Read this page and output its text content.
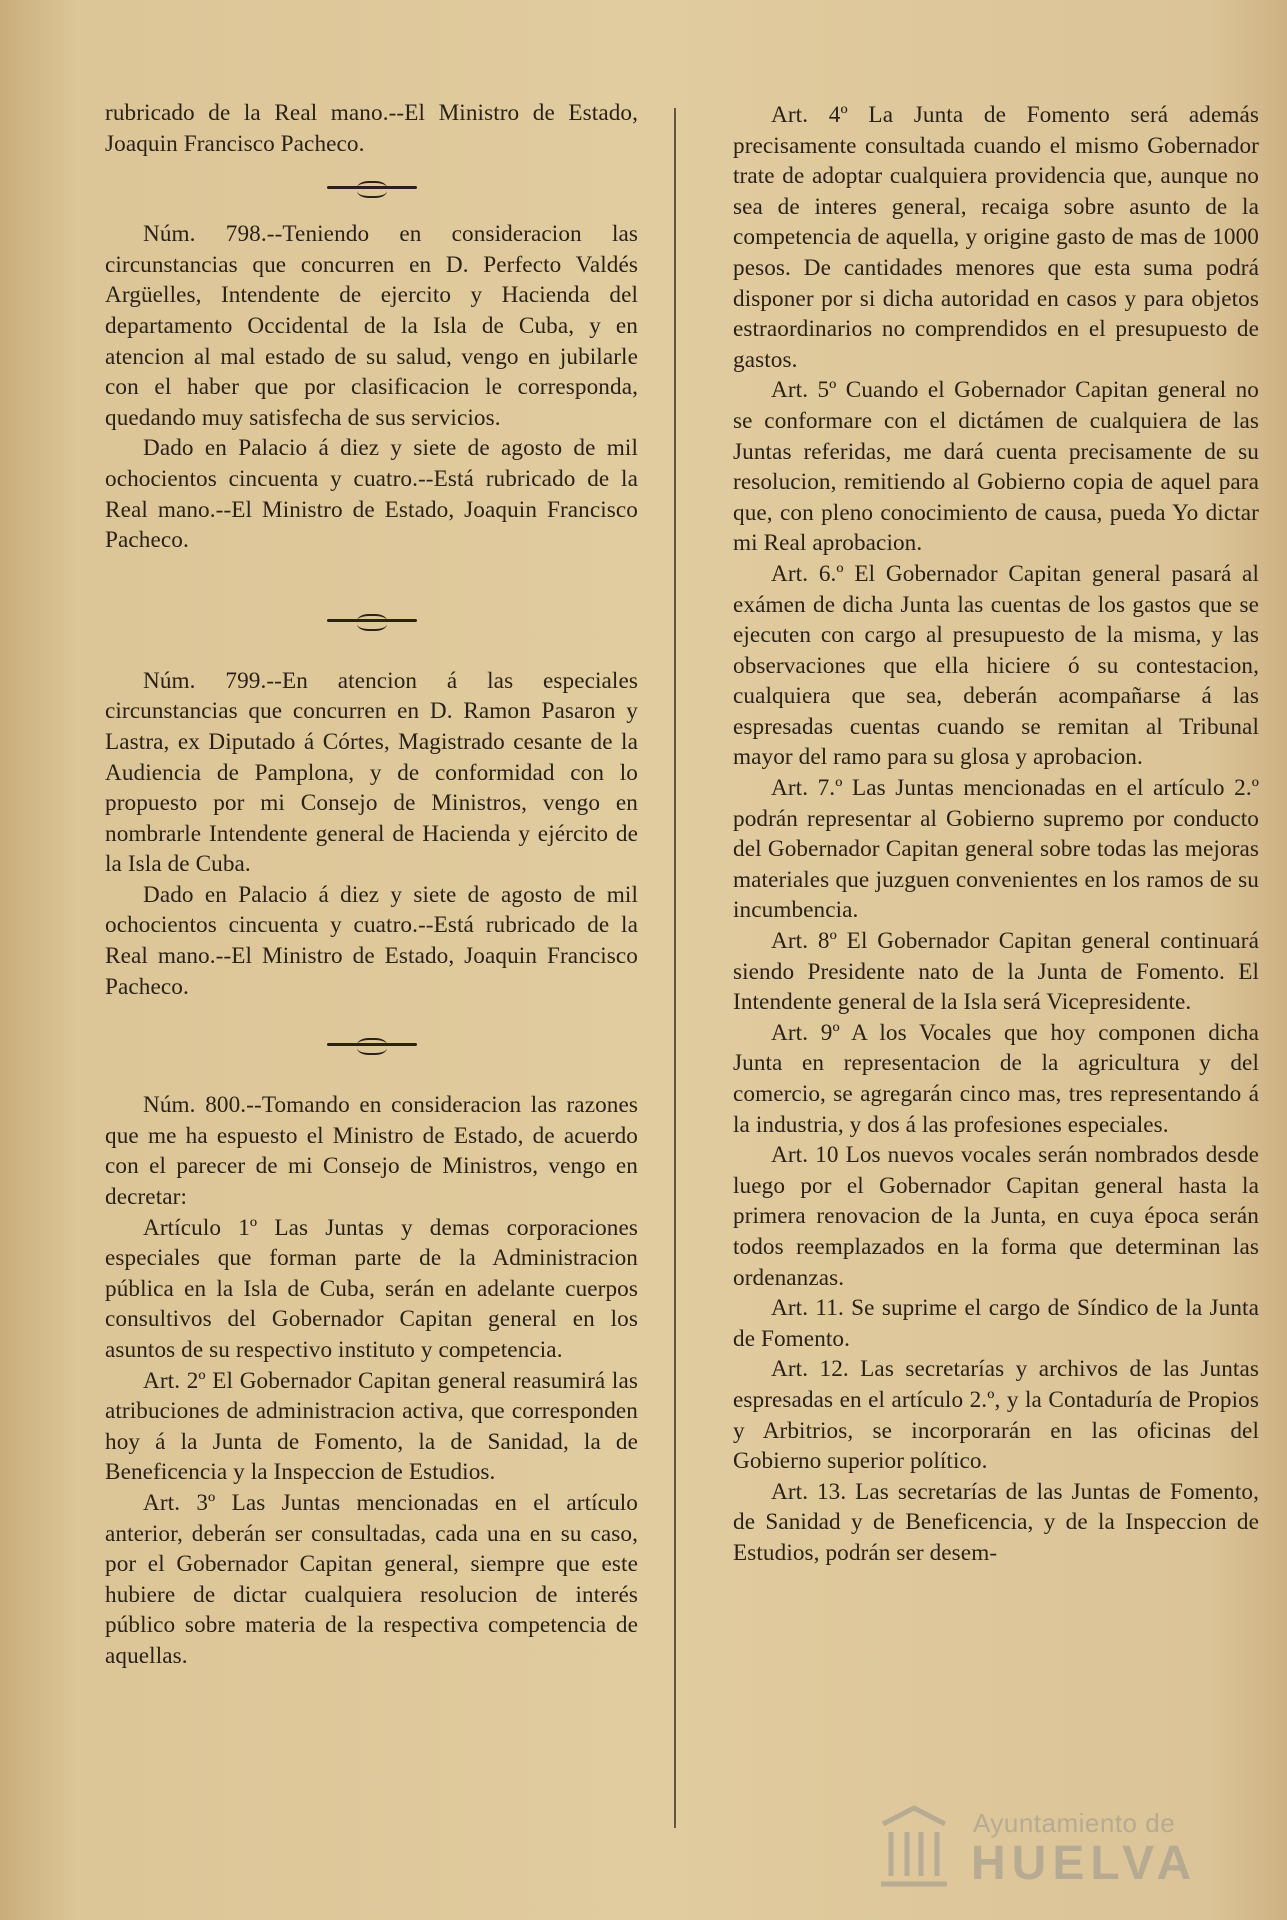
rubricado de la Real mano.--El Ministro de Estado, Joaquin Francisco Pacheco.

Núm. 798.--Teniendo en consideracion las circunstancias que concurren en D. Perfecto Valdés Argüelles, Intendente de ejercito y Hacienda del departamento Occidental de la Isla de Cuba, y en atencion al mal estado de su salud, vengo en jubilarle con el haber que por clasificacion le corresponda, quedando muy satisfecha de sus servicios.

Dado en Palacio á diez y siete de agosto de mil ochocientos cincuenta y cuatro.--Está rubricado de la Real mano.--El Ministro de Estado, Joaquin Francisco Pacheco.

Núm. 799.--En atencion á las especiales circunstancias que concurren en D. Ramon Pasaron y Lastra, ex Diputado á Córtes, Magistrado cesante de la Audiencia de Pamplona, y de conformidad con lo propuesto por mi Consejo de Ministros, vengo en nombrarle Intendente general de Hacienda y ejército de la Isla de Cuba.

Dado en Palacio á diez y siete de agosto de mil ochocientos cincuenta y cuatro.--Está rubricado de la Real mano.--El Ministro de Estado, Joaquin Francisco Pacheco.

Núm. 800.--Tomando en consideracion las razones que me ha espuesto el Ministro de Estado, de acuerdo con el parecer de mi Consejo de Ministros, vengo en decretar:

Artículo 1º Las Juntas y demas corporaciones especiales que forman parte de la Administracion pública en la Isla de Cuba, serán en adelante cuerpos consultivos del Gobernador Capitan general en los asuntos de su respectivo instituto y competencia.

Art. 2º El Gobernador Capitan general reasumirá las atribuciones de administracion activa, que corresponden hoy á la Junta de Fomento, la de Sanidad, la de Beneficencia y la Inspeccion de Estudios.

Art. 3º Las Juntas mencionadas en el artículo anterior, deberán ser consultadas, cada una en su caso, por el Gobernador Capitan general, siempre que este hubiere de dictar cualquiera resolucion de interés público sobre materia de la respectiva competencia de aquellas.

Art. 4º La Junta de Fomento será además precisamente consultada cuando el mismo Gobernador trate de adoptar cualquiera providencia que, aunque no sea de interes general, recaiga sobre asunto de la competencia de aquella, y origine gasto de mas de 1000 pesos. De cantidades menores que esta suma podrá disponer por si dicha autoridad en casos y para objetos estraordinarios no comprendidos en el presupuesto de gastos.

Art. 5º Cuando el Gobernador Capitan general no se conformare con el dictámen de cualquiera de las Juntas referidas, me dará cuenta precisamente de su resolucion, remitiendo al Gobierno copia de aquel para que, con pleno conocimiento de causa, pueda Yo dictar mi Real aprobacion.

Art. 6.º El Gobernador Capitan general pasará al exámen de dicha Junta las cuentas de los gastos que se ejecuten con cargo al presupuesto de la misma, y las observaciones que ella hiciere ó su contestacion, cualquiera que sea, deberán acompañarse á las espresadas cuentas cuando se remitan al Tribunal mayor del ramo para su glosa y aprobacion.

Art. 7.º Las Juntas mencionadas en el artículo 2.º podrán representar al Gobierno supremo por conducto del Gobernador Capitan general sobre todas las mejoras materiales que juzguen convenientes en los ramos de su incumbencia.

Art. 8º El Gobernador Capitan general continuará siendo Presidente nato de la Junta de Fomento. El Intendente general de la Isla será Vicepresidente.

Art. 9º A los Vocales que hoy componen dicha Junta en representacion de la agricultura y del comercio, se agregarán cinco mas, tres representando á la industria, y dos á las profesiones especiales.

Art. 10 Los nuevos vocales serán nombrados desde luego por el Gobernador Capitan general hasta la primera renovacion de la Junta, en cuya época serán todos reemplazados en la forma que determinan las ordenanzas.

Art. 11. Se suprime el cargo de Síndico de la Junta de Fomento.

Art. 12. Las secretarías y archivos de las Juntas espresadas en el artículo 2.º, y la Contaduría de Propios y Arbitrios, se incorporarán en las oficinas del Gobierno superior político.

Art. 13. Las secretarías de las Juntas de Fomento, de Sanidad y de Beneficencia, y de la Inspeccion de Estudios, podrán ser desem-

Ayuntamiento de
HUELVA
